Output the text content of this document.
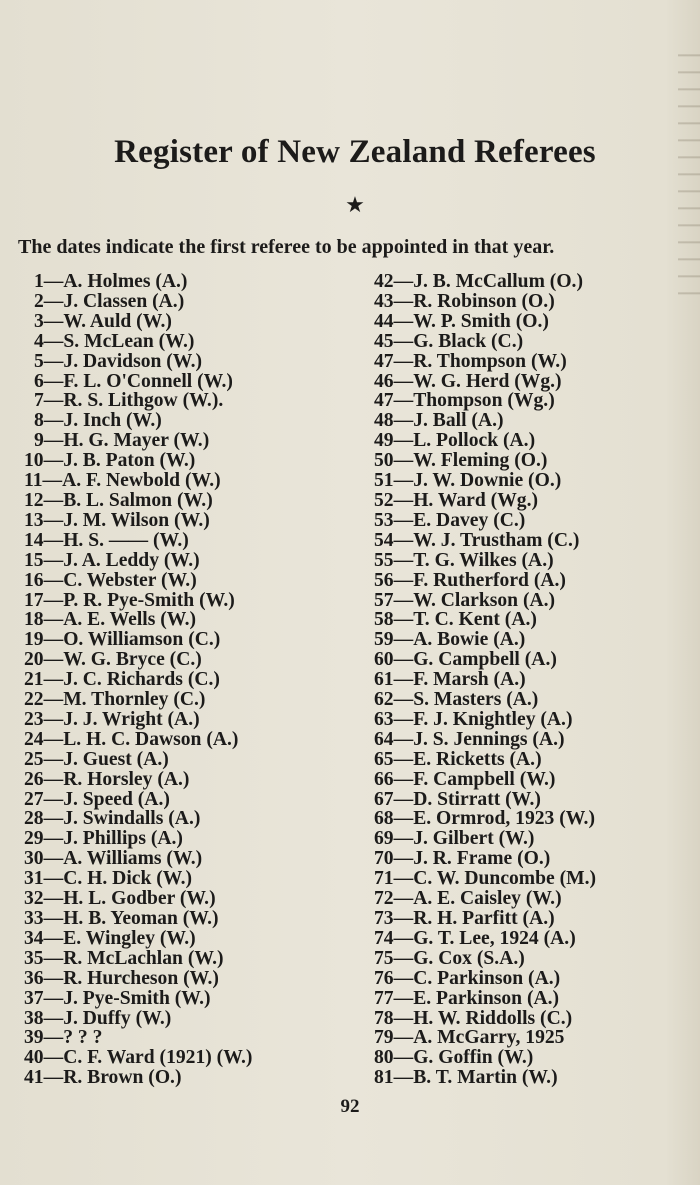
Register of New Zealand Referees
★
The dates indicate the first referee to be appointed in that year.
1—A. Holmes (A.)
2—J. Classen (A.)
3—W. Auld (W.)
4—S. McLean (W.)
5—J. Davidson (W.)
6—F. L. O'Connell (W.)
7—R. S. Lithgow (W.).
8—J. Inch (W.)
9—H. G. Mayer (W.)
10—J. B. Paton (W.)
11—A. F. Newbold (W.)
12—B. L. Salmon (W.)
13—J. M. Wilson (W.)
14—H. S. —— (W.)
15—J. A. Leddy (W.)
16—C. Webster (W.)
17—P. R. Pye-Smith (W.)
18—A. E. Wells (W.)
19—O. Williamson (C.)
20—W. G. Bryce (C.)
21—J. C. Richards (C.)
22—M. Thornley (C.)
23—J. J. Wright (A.)
24—L. H. C. Dawson (A.)
25—J. Guest (A.)
26—R. Horsley (A.)
27—J. Speed (A.)
28—J. Swindalls (A.)
29—J. Phillips (A.)
30—A. Williams (W.)
31—C. H. Dick (W.)
32—H. L. Godber (W.)
33—H. B. Yeoman (W.)
34—E. Wingley (W.)
35—R. McLachlan (W.)
36—R. Hurcheson (W.)
37—J. Pye-Smith (W.)
38—J. Duffy (W.)
39—? ? ?
40—C. F. Ward (1921) (W.)
41—R. Brown (O.)
42—J. B. McCallum (O.)
43—R. Robinson (O.)
44—W. P. Smith (O.)
45—G. Black (C.)
47—R. Thompson (W.)
46—W. G. Herd (Wg.)
47—Thompson (Wg.)
48—J. Ball (A.)
49—L. Pollock (A.)
50—W. Fleming (O.)
51—J. W. Downie (O.)
52—H. Ward (Wg.)
53—E. Davey (C.)
54—W. J. Trustham (C.)
55—T. G. Wilkes (A.)
56—F. Rutherford (A.)
57—W. Clarkson (A.)
58—T. C. Kent (A.)
59—A. Bowie (A.)
60—G. Campbell (A.)
61—F. Marsh (A.)
62—S. Masters (A.)
63—F. J. Knightley (A.)
64—J. S. Jennings (A.)
65—E. Ricketts (A.)
66—F. Campbell (W.)
67—D. Stirratt (W.)
68—E. Ormrod, 1923 (W.)
69—J. Gilbert (W.)
70—J. R. Frame (O.)
71—C. W. Duncombe (M.)
72—A. E. Caisley (W.)
73—R. H. Parfitt (A.)
74—G. T. Lee, 1924 (A.)
75—G. Cox (S.A.)
76—C. Parkinson (A.)
77—E. Parkinson (A.)
78—H. W. Riddolls (C.)
79—A. McGarry, 1925
80—G. Goffin (W.)
81—B. T. Martin (W.)
92
